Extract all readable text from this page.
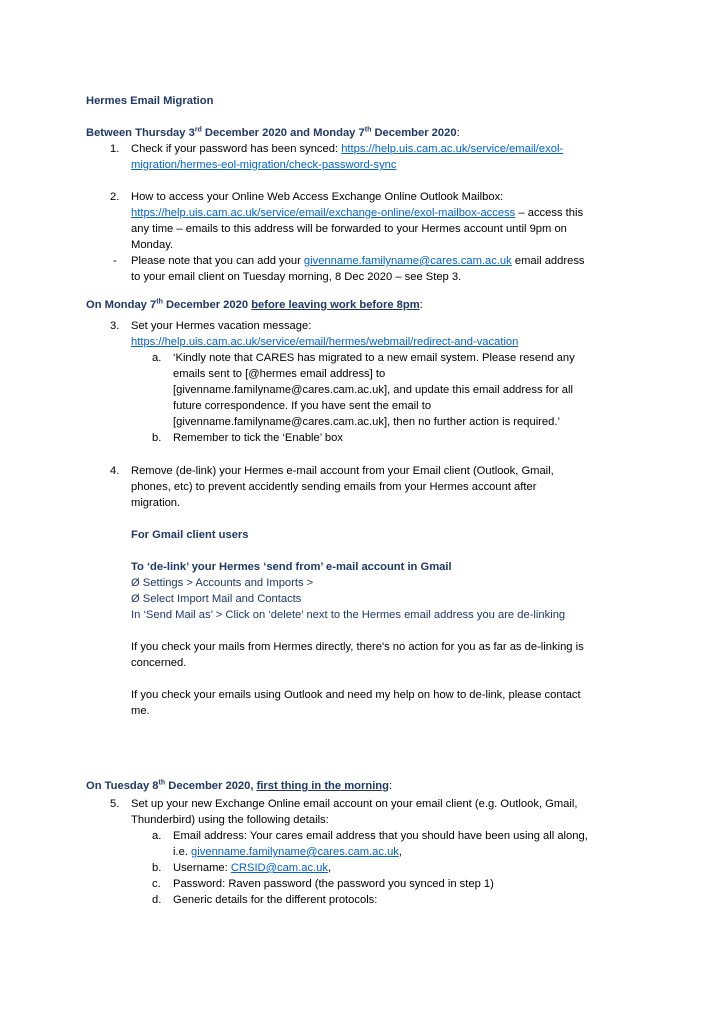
Hermes Email Migration
Between Thursday 3rd December 2020 and Monday 7th December 2020:
1. Check if your password has been synced: https://help.uis.cam.ac.uk/service/email/exol-
migration/hermes-eol-migration/check-password-sync
2. How to access your Online Web Access Exchange Online Outlook Mailbox:
https://help.uis.cam.ac.uk/service/email/exchange-online/exol-mailbox-access – access this
any time – emails to this address will be forwarded to your Hermes account until 9pm on
Monday.
- Please note that you can add your givenname.familyname@cares.cam.ac.uk email address
to your email client on Tuesday morning, 8 Dec 2020 – see Step 3.
On Monday 7th December 2020 before leaving work before 8pm:
3. Set your Hermes vacation message:
https://help.uis.cam.ac.uk/service/email/hermes/webmail/redirect-and-vacation
a. ‘Kindly note that CARES has migrated to a new email system. Please resend any
emails sent to [@hermes email address] to
[givenname.familyname@cares.cam.ac.uk], and update this email address for all
future correspondence. If you have sent the email to
[givenname.familyname@cares.cam.ac.uk], then no further action is required.’
b. Remember to tick the ‘Enable’ box
4. Remove (de-link) your Hermes e-mail account from your Email client (Outlook, Gmail,
phones, etc) to prevent accidently sending emails from your Hermes account after
migration.
For Gmail client users
To ‘de-link’ your Hermes ‘send from’ e-mail account in Gmail
Ø Settings > Accounts and Imports >
Ø Select Import Mail and Contacts
In ‘Send Mail as’ > Click on ‘delete’ next to the Hermes email address you are de-linking
If you check your mails from Hermes directly, there's no action for you as far as de-linking is
concerned.
If you check your emails using Outlook and need my help on how to de-link, please contact
me.
On Tuesday 8th December 2020, first thing in the morning:
5. Set up your new Exchange Online email account on your email client (e.g. Outlook, Gmail,
Thunderbird) using the following details:
a. Email address: Your cares email address that you should have been using all along,
i.e. givenname.familyname@cares.cam.ac.uk,
b. Username: CRSID@cam.ac.uk,
c. Password: Raven password (the password you synced in step 1)
d. Generic details for the different protocols:
